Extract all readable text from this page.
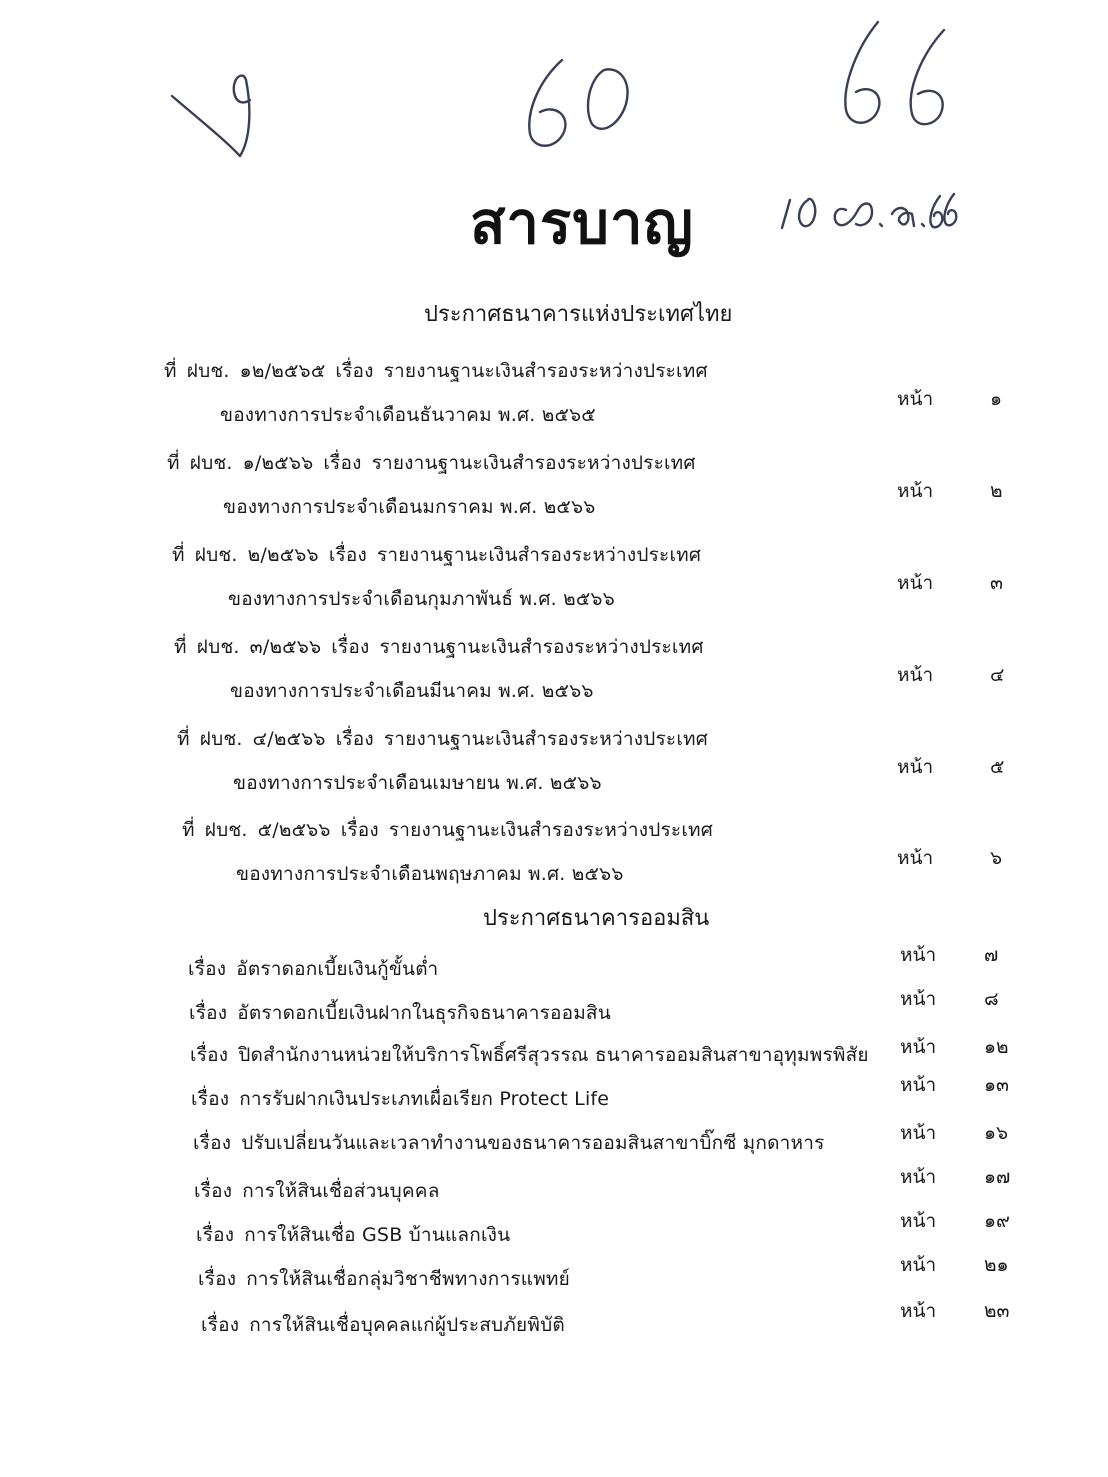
สารบาญ
ประกาศธนาคารแห่งประเทศไทย
ที่ ฝบช. ๑๒/๒๕๖๕ เรื่อง รายงานฐานะเงินสำรองระหว่างประเทศ
ของทางการประจำเดือนธันวาคม พ.ศ. ๒๕๖๕
หน้า	๑
ที่ ฝบช. ๑/๒๕๖๖ เรื่อง รายงานฐานะเงินสำรองระหว่างประเทศ
ของทางการประจำเดือนมกราคม พ.ศ. ๒๕๖๖
หน้า	๒
ที่ ฝบช. ๒/๒๕๖๖ เรื่อง รายงานฐานะเงินสำรองระหว่างประเทศ
ของทางการประจำเดือนกุมภาพันธ์ พ.ศ. ๒๕๖๖
หน้า	๓
ที่ ฝบช. ๓/๒๕๖๖ เรื่อง รายงานฐานะเงินสำรองระหว่างประเทศ
ของทางการประจำเดือนมีนาคม พ.ศ. ๒๕๖๖
หน้า	๔
ที่ ฝบช. ๔/๒๕๖๖ เรื่อง รายงานฐานะเงินสำรองระหว่างประเทศ
ของทางการประจำเดือนเมษายน พ.ศ. ๒๕๖๖
หน้า	๕
ที่ ฝบช. ๕/๒๕๖๖ เรื่อง รายงานฐานะเงินสำรองระหว่างประเทศ
ของทางการประจำเดือนพฤษภาคม พ.ศ. ๒๕๖๖
หน้า	๖
ประกาศธนาคารออมสิน
เรื่อง อัตราดอกเบี้ยเงินกู้ขั้นต่ำ
หน้า	๗
เรื่อง อัตราดอกเบี้ยเงินฝากในธุรกิจธนาคารออมสิน
หน้า	๘
เรื่อง ปิดสำนักงานหน่วยให้บริการโพธิ์ศรีสุวรรณ ธนาคารออมสินสาขาอุทุมพรพิสัย หน้า	๑๒
เรื่อง การรับฝากเงินประเภทเผื่อเรียก Protect Life
หน้า	๑๓
เรื่อง ปรับเปลี่ยนวันและเวลาทำงานของธนาคารออมสินสาขาบิ๊กซี มุกดาหาร	หน้า	๑๖
เรื่อง การให้สินเชื่อส่วนบุคคล
หน้า	๑๗
เรื่อง การให้สินเชื่อ GSB บ้านแลกเงิน
หน้า	๑๙
เรื่อง การให้สินเชื่อกลุ่มวิชาชีพทางการแพทย์
หน้า	๒๑
เรื่อง การให้สินเชื่อบุคคลแก่ผู้ประสบภัยพิบัติ
หน้า	๒๓
